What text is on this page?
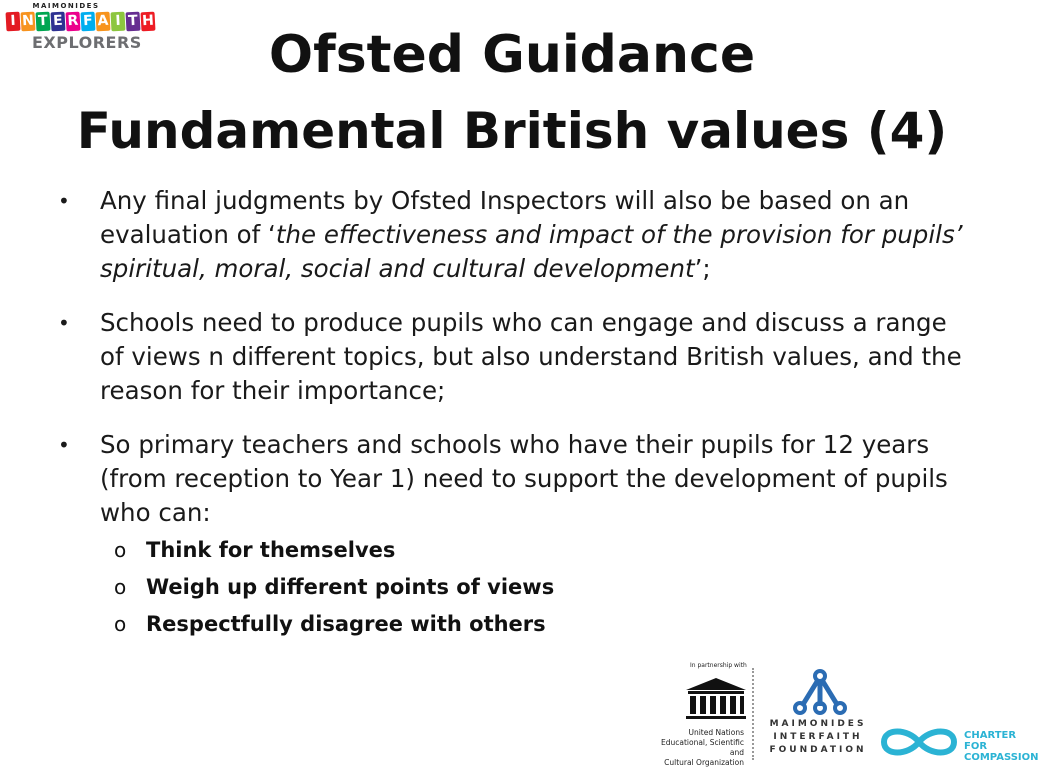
MAIMONIDES
I N T E R F A I T H
EXPLORERS	Ofsted Guidance
Fundamental British values (4)
• Any final judgments by Ofsted Inspectors will also be based on an evaluation of ‘the effectiveness and impact of the provision for pupils’ spiritual, moral, social and cultural development’;
• Schools need to produce pupils who can engage and discuss a range of views n different topics, but also understand British values, and the reason for their importance;
• So primary teachers and schools who have their pupils for 12 years (from reception to Year 1) need to support the development of pupils who can:
o Think for themselves
o Weigh up different points of views
o Respectfully disagree with others
In partnership with
United Nations
Educational, Scientific and
Cultural Organization
MAIMONIDES
INTERFAITH
FOUNDATION
CHARTER FOR
COMPASSION
